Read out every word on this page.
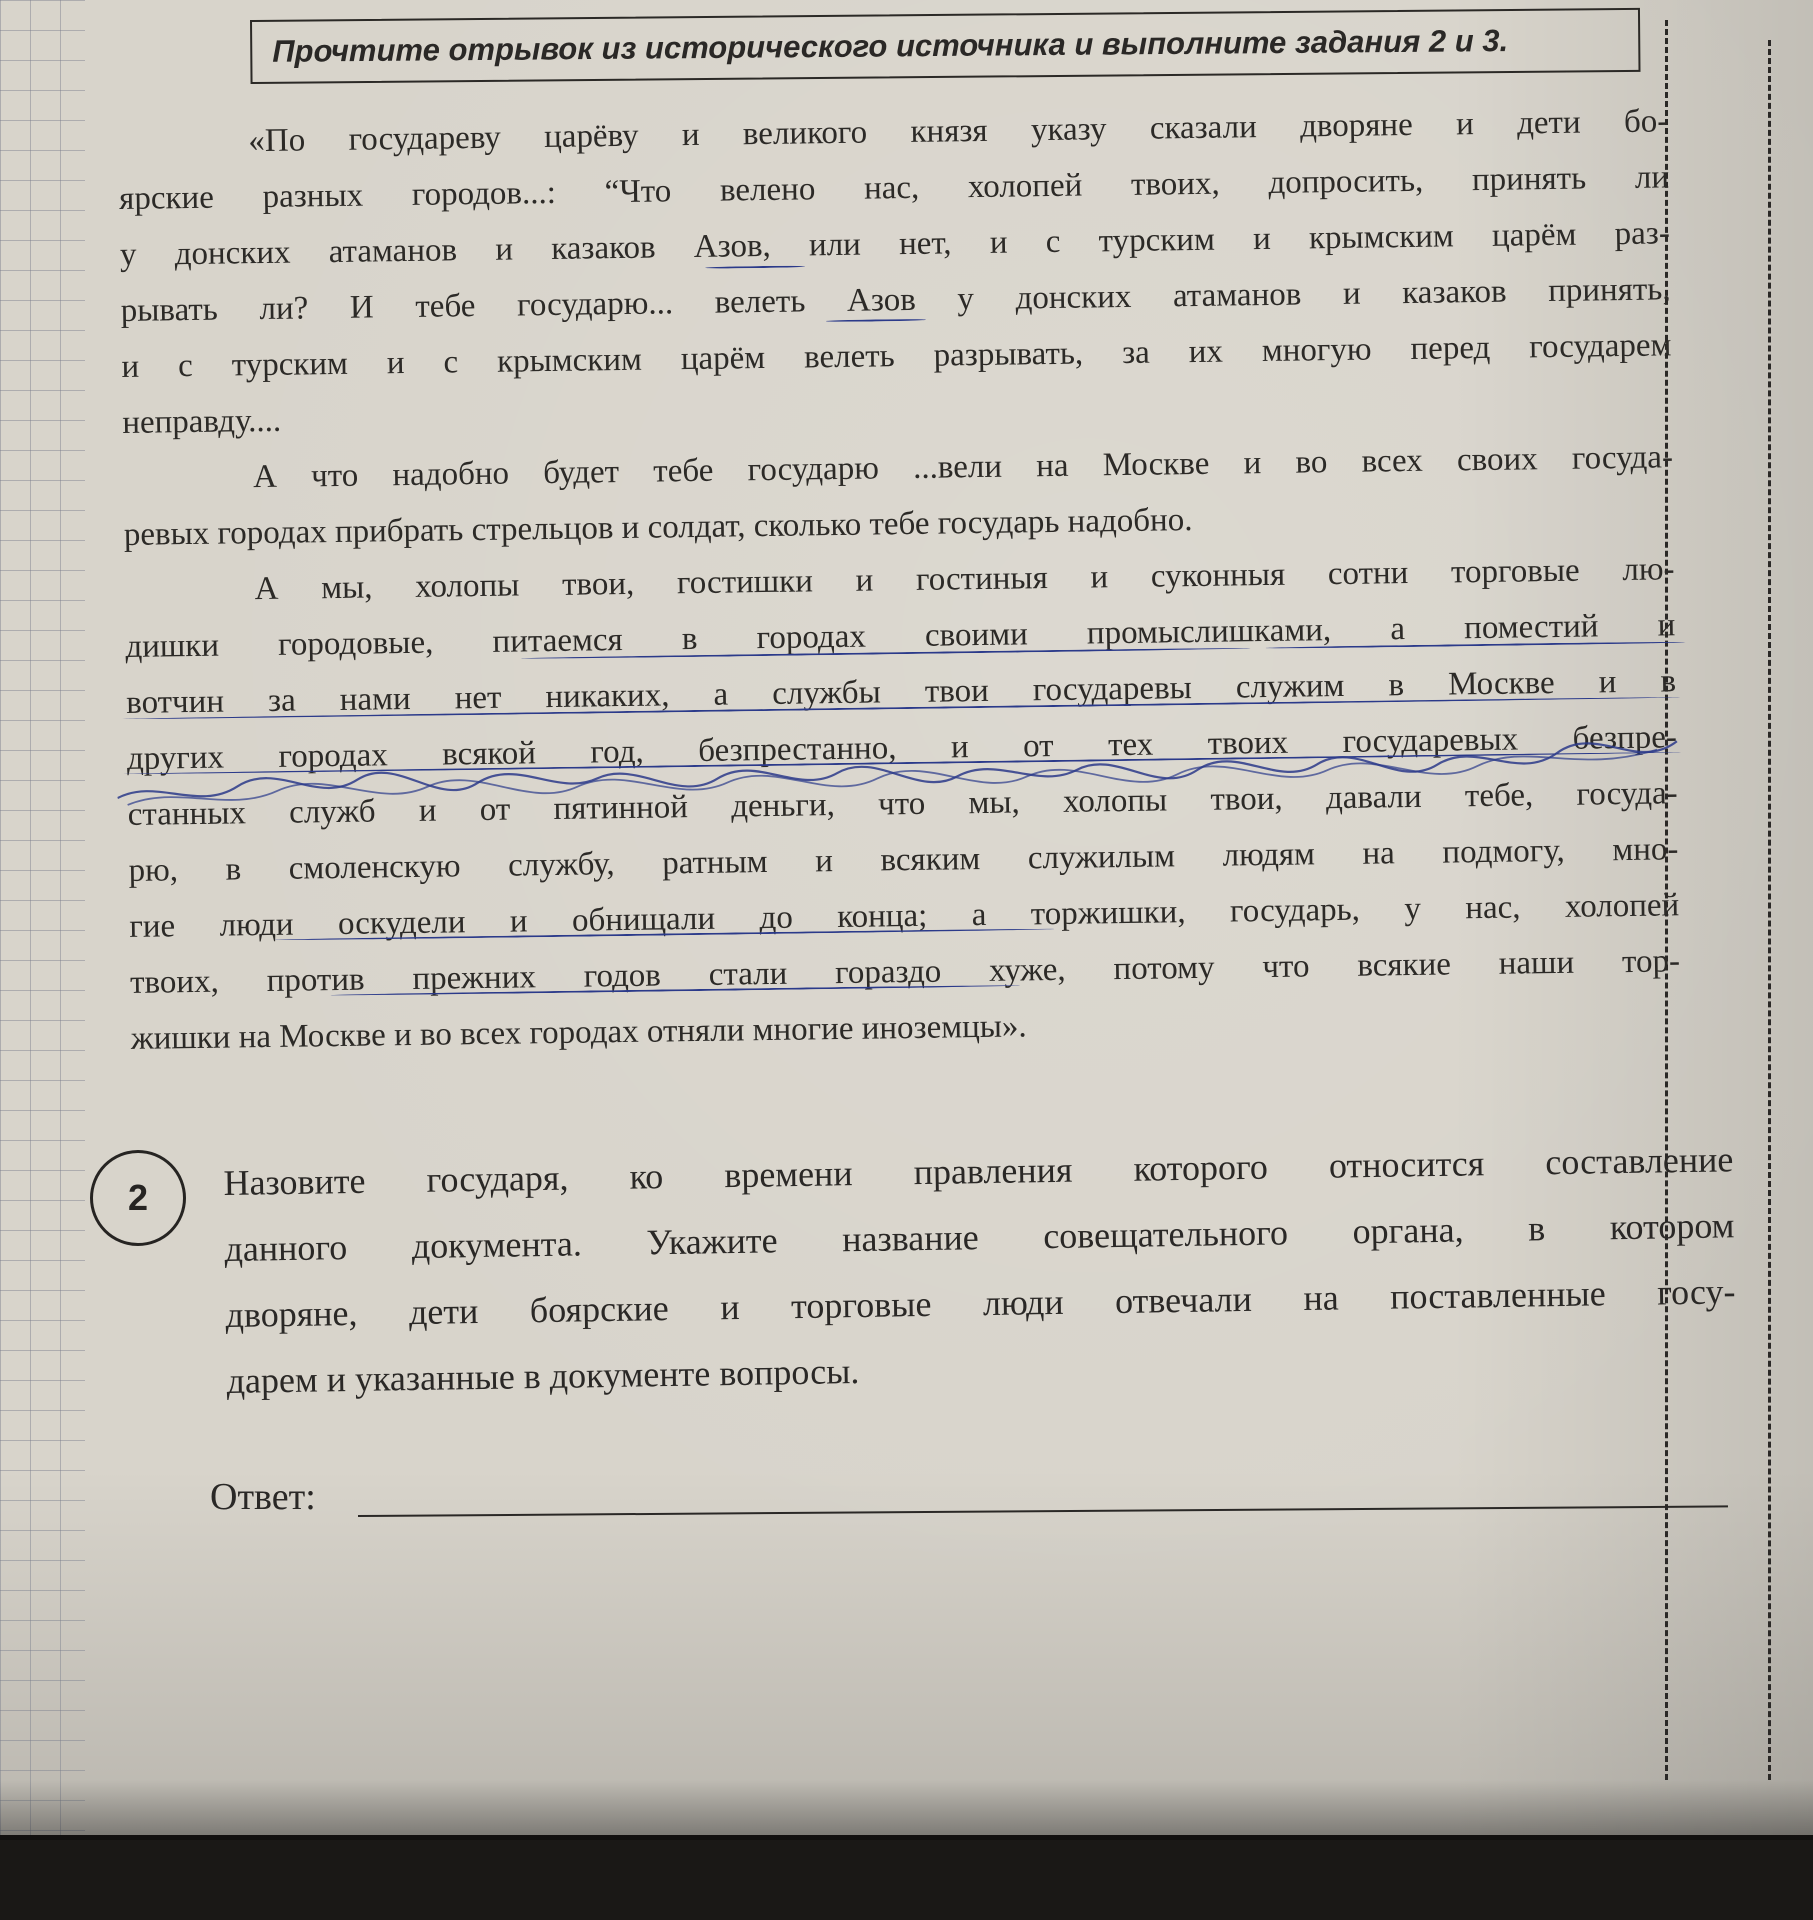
Прочтите отрывок из исторического источника и выполните задания 2 и 3.
«По государеву царёву и великого князя указу сказали дворяне и дети бо-
ярские разных городов...: “Что велено нас, холопей твоих, допросить, принять ли
у донских атаманов и казаков Азов, или нет, и с турским и крымским царём раз-
рывать ли? И тебе государю... велеть Азов у донских атаманов и казаков принять,
и с турским и с крымским царём велеть разрывать, за их многую перед государем
неправду....
А что надобно будет тебе государю ...вели на Москве и во всех своих госуда-
ревых городах прибрать стрельцов и солдат, сколько тебе государь надобно.
А мы, холопы твои, гостишки и гостиныя и суконныя сотни торговые лю-
дишки городовые, питаемся в городах своими промыслишками, а поместий и
вотчин за нами нет никаких, а службы твои государевы служим в Москве и в
других городах всякой год, безпрестанно, и от тех твоих государевых безпре-
станных служб и от пятинной деньги, что мы, холопы твои, давали тебе, госуда-
рю, в смоленскую службу, ратным и всяким служилым людям на подмогу, мно-
гие люди оскудели и обнищали до конца; а торжишки, государь, у нас, холопей
твоих, против прежних годов стали гораздо хуже, потому что всякие наши тор-
жишки на Москве и во всех городах отняли многие иноземцы».
2	Назовите государя, ко времени правления которого относится составление
данного документа. Укажите название совещательного органа, в котором
дворяне, дети боярские и торговые люди отвечали на поставленные госу-
дарем и указанные в документе вопросы.
Ответ:
